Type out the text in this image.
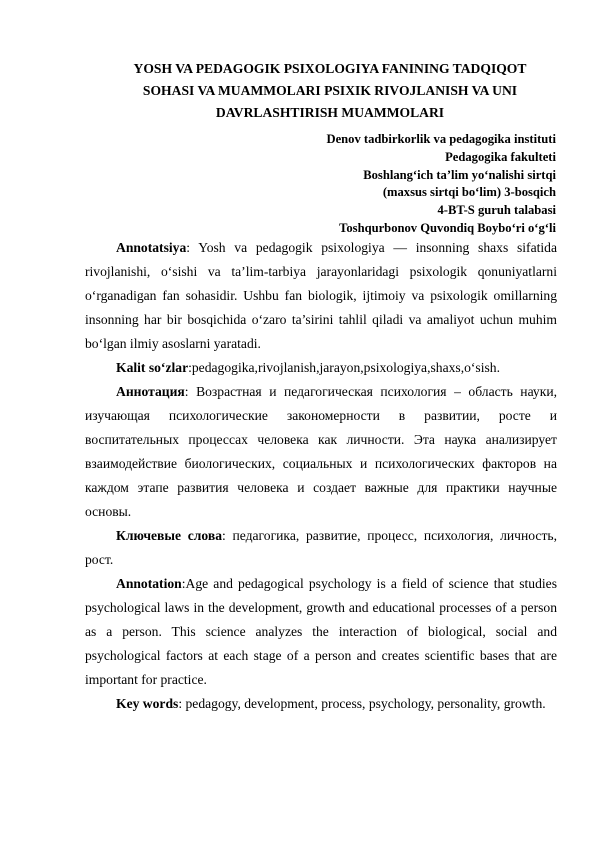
YOSH VA PEDAGOGIK PSIXOLOGIYA FANINING TADQIQOT
SOHASI VA MUAMMOLARI PSIXIK RIVOJLANISH VA UNI
DAVRLASHTIRISH MUAMMOLARI
Denov tadbirkorlik va pedagogika instituti
Pedagogika fakulteti
Boshlang‘ich ta’lim yo‘nalishi sirtqi
(maxsus sirtqi bo‘lim) 3-bosqich
4-BT-S guruh talabasi
Toshqurbonov Quvondiq Boybo‘ri o‘g‘li

Annotatsiya: Yosh va pedagogik psixologiya — insonning shaxs sifatida rivojlanishi, o‘sishi va ta’lim-tarbiya jarayonlaridagi psixologik qonuniyatlarni o‘rganadigan fan sohasidir. Ushbu fan biologik, ijtimoiy va psixologik omillarning insonning har bir bosqichida o‘zaro ta’sirini tahlil qiladi va amaliyot uchun muhim bo‘lgan ilmiy asoslarni yaratadi.

Kalit so‘zlar:pedagogika,rivojlanish,jarayon,psixologiya,shaxs,o‘sish.

Аннотация: Возрастная и педагогическая психология – область науки, изучающая психологические закономерности в развитии, росте и воспитательных процессах человека как личности. Эта наука анализирует взаимодействие биологических, социальных и психологических факторов на каждом этапе развития человека и создает важные для практики научные основы.

Ключевые слова: педагогика, развитие, процесс, психология, личность, рост.

Annotation:Age and pedagogical psychology is a field of science that studies psychological laws in the development, growth and educational processes of a person as a person. This science analyzes the interaction of biological, social and psychological factors at each stage of a person and creates scientific bases that are important for practice.

Key words: pedagogy, development, process, psychology, personality, growth.
